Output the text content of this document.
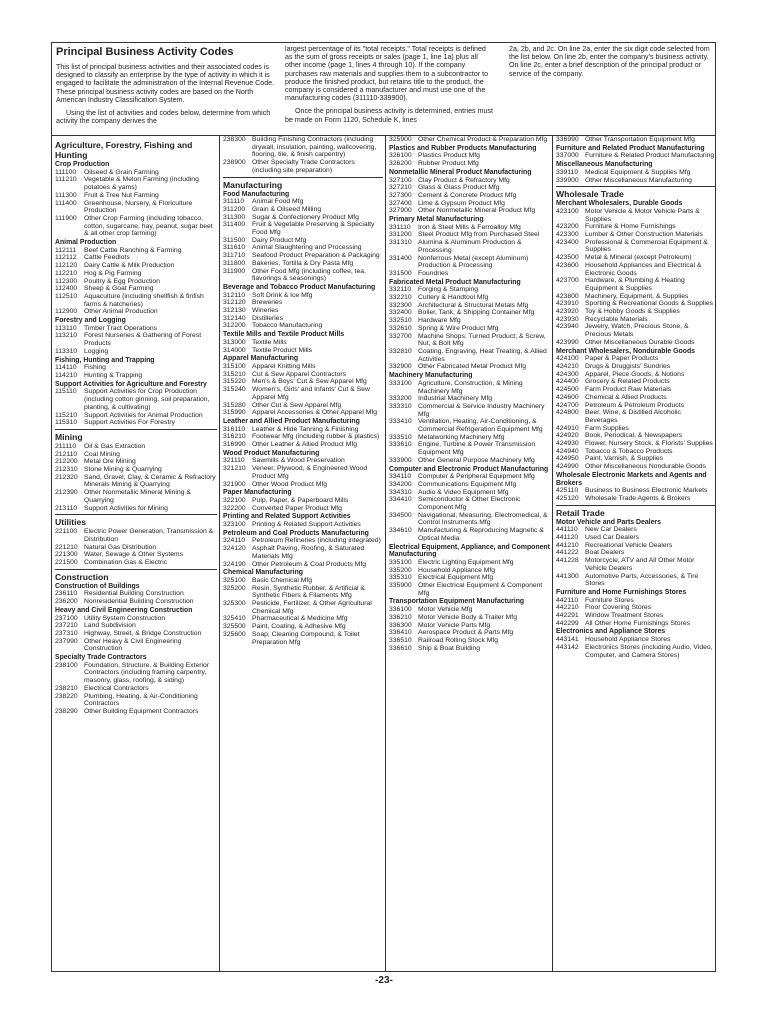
Principal Business Activity Codes

This list of principal business activities and their associated codes is designed to classify an enterprise by the type of activity in which it is engaged to facilitate the administration of the Internal Revenue Code. These principal business activity codes are based on the North American Industry Classification System.

Using the list of activities and codes below, determine from which activity the company derives the

largest percentage of its "total receipts." Total receipts is defined as the sum of gross receipts or sales (page 1, line 1a) plus all other income (page 1, lines 4 through 10). If the company purchases raw materials and supplies them to a subcontractor to produce the finished product, but retains title to the product, the company is considered a manufacturer and must use one of the manufacturing codes (311110-339900).

Once the principal business activity is determined, entries must be made on Form 1120, Schedule K, lines

2a, 2b, and 2c. On line 2a, enter the six digit code selected from the list below. On line 2b, enter the company's business activity. On line 2c, enter a brief description of the principal product or service of the company.

Agriculture, Forestry, Fishing and Hunting
Crop Production
111100	Oilseed & Grain Farming
111210	Vegetable & Melon Farming (including potatoes & yams)
111300	Fruit & Tree Nut Farming
111400	Greenhouse, Nursery, & Floriculture Production
111900	Other Crop Farming (including tobacco, cotton, sugarcane, hay, peanut, sugar beet & all other crop farming)
Animal Production
112111	Beef Cattle Ranching & Farming
112112	Cattle Feedlots
112120	Dairy Cattle & Milk Production
112210	Hog & Pig Farming
112300	Poultry & Egg Production
112400	Sheep & Goat Farming
112510	Aquaculture (including shellfish & finfish farms & hatcheries)
112900	Other Animal Production
Forestry and Logging
113110	Timber Tract Operations
113210	Forest Nurseries & Gathering of Forest Products
113310	Logging
Fishing, Hunting and Trapping
114110	Fishing
114210	Hunting & Trapping
Support Activities for Agriculture and Forestry
115110	Support Activities for Crop Production (including cotton ginning, soil preparation, planting, & cultivating)
115210	Support Activities for Animal Production
115310	Support Activities For Forestry
Mining
211110	Oil & Gas Extraction
212110	Coal Mining
212200 Metal Ore Mining
212310 Stone Mining & Quarrying
212320 Sand, Gravel, Clay, & Ceramic & Refractory Minerals Mining & Quarrying
212390 Other Nonmetallic Mineral Mining & Quarrying
213110	Support Activities for Mining
Utilities
221100	Electric Power Generation, Transmission & Distribution
221210 Natural Gas Distribution
221300 Water, Sewage & Other Systems
221500 Combination Gas & Electric
Construction
Construction of Buildings
236110	Residential Building Construction
236200 Nonresidential Building Construction
Heavy and Civil Engineering Construction
237100 Utility System Construction
237210 Land Subdivision
237310 Highway, Street, & Bridge Construction
237990 Other Heavy & Civil Engineering Construction
Specialty Trade Contractors
238100 Foundation, Structure, & Building Exterior Contractors (including framing carpentry, masonry, glass, roofing, & siding)
238210 Electrical Contractors
238220 Plumbing, Heating, & Air-Conditioning Contractors
238290 Other Building Equipment Contractors
238300 Building Finishing Contractors (including drywall, insulation, painting, wallcovering, flooring, tile, & finish carpentry)
238900 Other Specialty Trade Contractors (including site preparation)
Manufacturing
Food Manufacturing
311110	Animal Food Mfg
311200	Grain & Oilseed Milling
311300	Sugar & Confectionery Product Mfg
311400	Fruit & Vegetable Preserving & Specialty Food Mfg
311500	Dairy Product Mfg
311610	Animal Slaughtering and Processing
311710	Seafood Product Preparation & Packaging
311800	Bakeries, Tortilla & Dry Pasta Mfg
311900	Other Food Mfg (including coffee, tea, flavorings & seasonings)
Beverage and Tobacco Product Manufacturing
312110	Soft Drink & Ice Mfg
312120 Breweries
312130 Wineries
312140 Distilleries
312200 Tobacco Manufacturing
Textile Mills and Textile Product Mills
313000 Textile Mills
314000 Textile Product Mills
Apparel Manufacturing
315100 Apparel Knitting Mills
315210 Cut & Sew Apparel Contractors
315220 Men's & Boys' Cut & Sew Apparel Mfg
315240 Women's, Girls' and Infants' Cut & Sew Apparel Mfg
315280 Other Cut & Sew Apparel Mfg
315990 Apparel Accessories & Other Apparel Mfg
Leather and Allied Product Manufacturing
316110	Leather & Hide Tanning & Finishing
316210 Footwear Mfg (including rubber & plastics)
316990 Other Leather & Allied Product Mfg
Wood Product Manufacturing
321110	Sawmills & Wood Preservation
321210 Veneer, Plywood, & Engineered Wood Product Mfg
321900 Other Wood Product Mfg
Paper Manufacturing
322100 Pulp, Paper, & Paperboard Mills
322200 Converted Paper Product Mfg
Printing and Related Support Activities
323100 Printing & Related Support Activities
Petroleum and Coal Products Manufacturing
324110	Petroleum Refineries (including integrated)
324120 Asphalt Paving, Roofing, & Saturated Materials Mfg
324190 Other Petroleum & Coal Products Mfg
Chemical Manufacturing
325100 Basic Chemical Mfg
325200 Resin, Synthetic Rubber, & Artificial & Synthetic Fibers & Filaments Mfg
325300 Pesticide, Fertilizer, & Other Agricultural Chemical Mfg
325410 Pharmaceutical & Medicine Mfg
325500 Paint, Coating, & Adhesive Mfg
325600 Soap, Cleaning Compound, & Toilet Preparation Mfg
325900 Other Chemical Product & Preparation Mfg
Plastics and Rubber Products Manufacturing
326100 Plastics Product Mfg
326200 Rubber Product Mfg
Nonmetallic Mineral Product Manufacturing
327100 Clay Product & Refractory Mfg
327210 Glass & Glass Product Mfg
327300 Cement & Concrete Product Mfg
327400 Lime & Gypsum Product Mfg
327900 Other Nonmetallic Mineral Product Mfg
Primary Metal Manufacturing
331110	Iron & Steel Mills & Ferroalloy Mfg
331200 Steel Product Mfg from Purchased Steel
331310 Alumina & Aluminum Production & Processing
331400 Nonferrous Metal (except Aluminum) Production & Processing
331500 Foundries
Fabricated Metal Product Manufacturing
332110	Forging & Stamping
332210 Cutlery & Handtool Mfg
332300 Architectural & Structural Metals Mfg
332400 Boiler, Tank, & Shipping Container Mfg
332510 Hardware Mfg
332610 Spring & Wire Product Mfg
332700 Machine Shops; Turned Product; & Screw, Nut, & Bolt Mfg
332810 Coating, Engraving, Heat Treating, & Allied Activities
332900 Other Fabricated Metal Product Mfg
Machinery Manufacturing
333100 Agriculture, Construction, & Mining Machinery Mfg
333200 Industrial Machinery Mfg
333310 Commercial & Service Industry Machinery Mfg
333410 Ventilation, Heating, Air-Conditioning, & Commercial Refrigeration Equipment Mfg
333510 Metalworking Machinery Mfg
333610 Engine, Turbine & Power Transmission Equipment Mfg
333900 Other General Purpose Machinery Mfg
Computer and Electronic Product Manufacturing
334110	Computer & Peripheral Equipment Mfg
334200 Communications Equipment Mfg
334310 Audio & Video Equipment Mfg
334410 Semiconductor & Other Electronic Component Mfg
334500 Navigational, Measuring, Electromedical, & Control Instruments Mfg
334610 Manufacturing & Reproducing Magnetic & Optical Media
Electrical Equipment, Appliance, and Component Manufacturing
335100 Electric Lighting Equipment Mfg
335200 Household Appliance Mfg
335310 Electrical Equipment Mfg
335900 Other Electrical Equipment & Component Mfg
Transportation Equipment Manufacturing
336100 Motor Vehicle Mfg
336210 Motor Vehicle Body & Trailer Mfg
336300 Motor Vehicle Parts Mfg
336410 Aerospace Product & Parts Mfg
336510 Railroad Rolling Stock Mfg
336610 Ship & Boat Building
336990 Other Transportation Equipment Mfg
Furniture and Related Product Manufacturing
337000 Furniture & Related Product Manufacturing
Miscellaneous Manufacturing
339110	Medical Equipment & Supplies Mfg
339900 Other Miscellaneous Manufacturing
Wholesale Trade
Merchant Wholesalers, Durable Goods
423100 Motor Vehicle & Motor Vehicle Parts & Supplies
423200 Furniture & Home Furnishings
423300 Lumber & Other Construction Materials
423400 Professional & Commercial Equipment & Supplies
423500 Metal & Mineral (except Petroleum)
423600 Household Appliances and Electrical & Electronic Goods
423700 Hardware, & Plumbing & Heating Equipment & Supplies
423800 Machinery, Equipment, & Supplies
423910 Sporting & Recreational Goods & Supplies
423920 Toy & Hobby Goods & Supplies
423930 Recyclable Materials
423940 Jewelry, Watch, Precious Stone, & Precious Metals
423990 Other Miscellaneous Durable Goods
Merchant Wholesalers, Nondurable Goods
424100 Paper & Paper Products
424210 Drugs & Druggists' Sundries
424300 Apparel, Piece Goods, & Notions
424400 Grocery & Related Products
424500 Farm Product Raw Materials
424600 Chemical & Allied Products
424700 Petroleum & Petroleum Products
424800 Beer, Wine, & Distilled Alcoholic Beverages
424910 Farm Supplies
424920 Book, Periodical, & Newspapers
424930 Flower, Nursery Stock, & Florists' Supplies
424940 Tobacco & Tobacco Products
424950 Paint, Varnish, & Supplies
424990 Other Miscellaneous Nondurable Goods
Wholesale Electronic Markets and Agents and Brokers
425110	Business to Business Electronic Markets
425120 Wholesale Trade Agents & Brokers
Retail Trade
Motor Vehicle and Parts Dealers
441110	New Car Dealers
441120	Used Car Dealers
441210 Recreational Vehicle Dealers
441222 Boat Dealers
441228 Motorcycle, ATV and All Other Motor Vehicle Dealers
441300 Automotive Parts, Accessories, & Tire Stores
Furniture and Home Furnishings Stores
442110	Furniture Stores
442210 Floor Covering Stores
442291 Window Treatment Stores
442299 All Other Home Furnishings Stores
Electronics and Appliance Stores
443141 Household Appliance Stores
443142 Electronics Stores (including Audio, Video, Computer, and Camera Stores)
-23-
